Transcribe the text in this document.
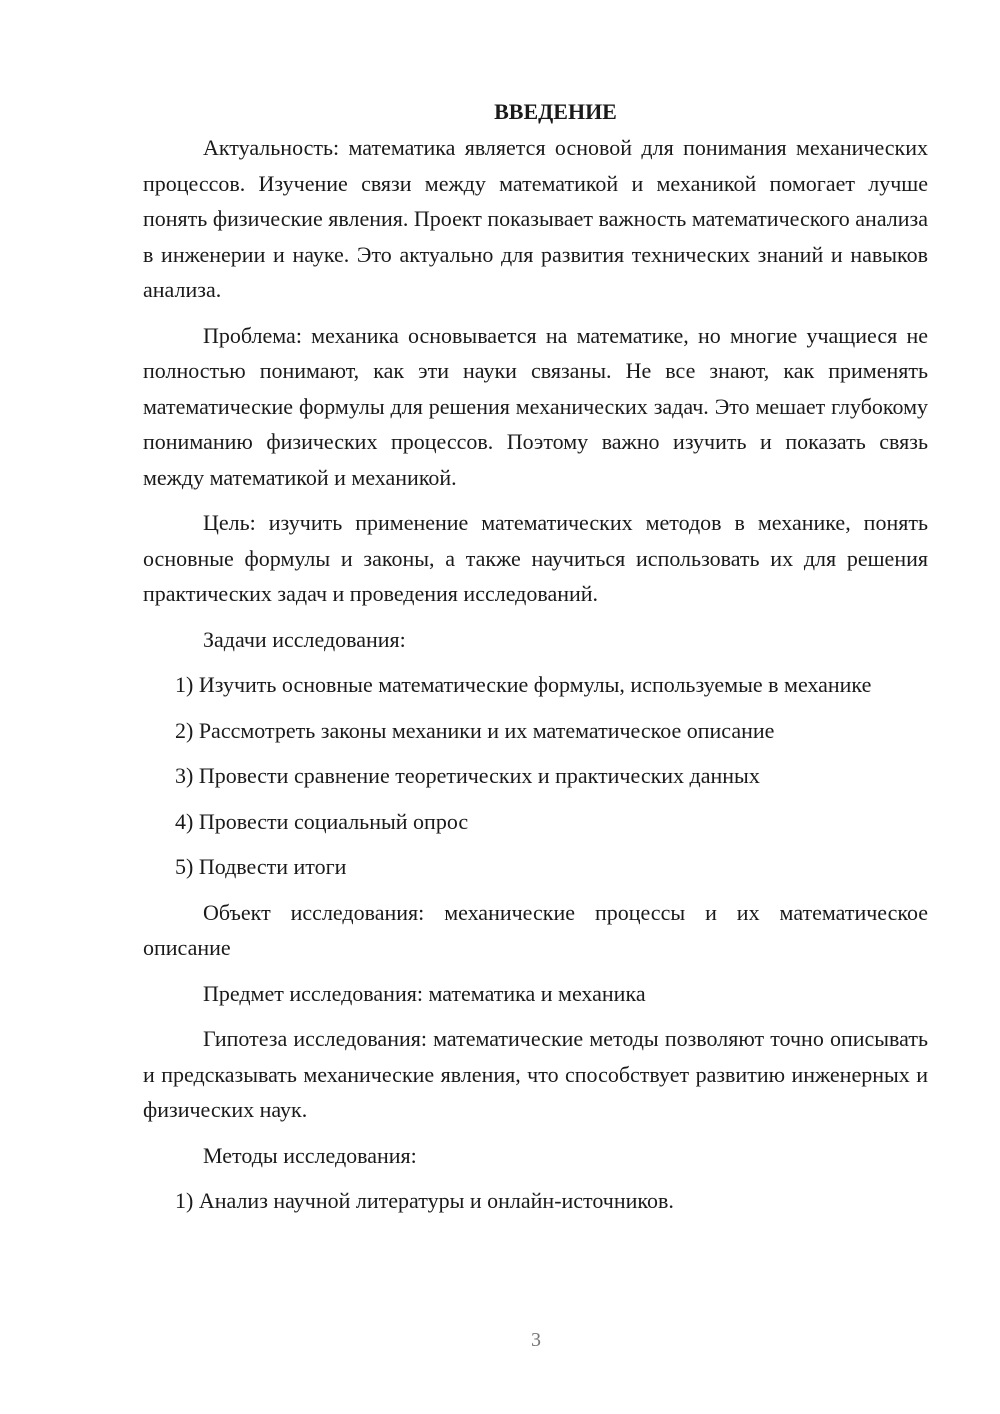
ВВЕДЕНИЕ

Актуальность: математика является основой для понимания механических процессов. Изучение связи между математикой и механикой помогает лучше понять физические явления. Проект показывает важность математического анализа в инженерии и науке. Это актуально для развития технических знаний и навыков анализа.

Проблема: механика основывается на математике, но многие учащиеся не полностью понимают, как эти науки связаны. Не все знают, как применять математические формулы для решения механических задач. Это мешает глубокому пониманию физических процессов. Поэтому важно изучить и показать связь между математикой и механикой.

Цель: изучить применение математических методов в механике, понять основные формулы и законы, а также научиться использовать их для решения практических задач и проведения исследований.

Задачи исследования:

1) Изучить основные математические формулы, используемые в механике

2) Рассмотреть законы механики и их математическое описание

3) Провести сравнение теоретических и практических данных

4) Провести социальный опрос

5) Подвести итоги

Объект исследования: механические процессы и их математическое описание

Предмет исследования: математика и механика

Гипотеза исследования: математические методы позволяют точно описывать и предсказывать механические явления, что способствует развитию инженерных и физических наук.

Методы исследования:

1) Анализ научной литературы и онлайн-источников.

3
